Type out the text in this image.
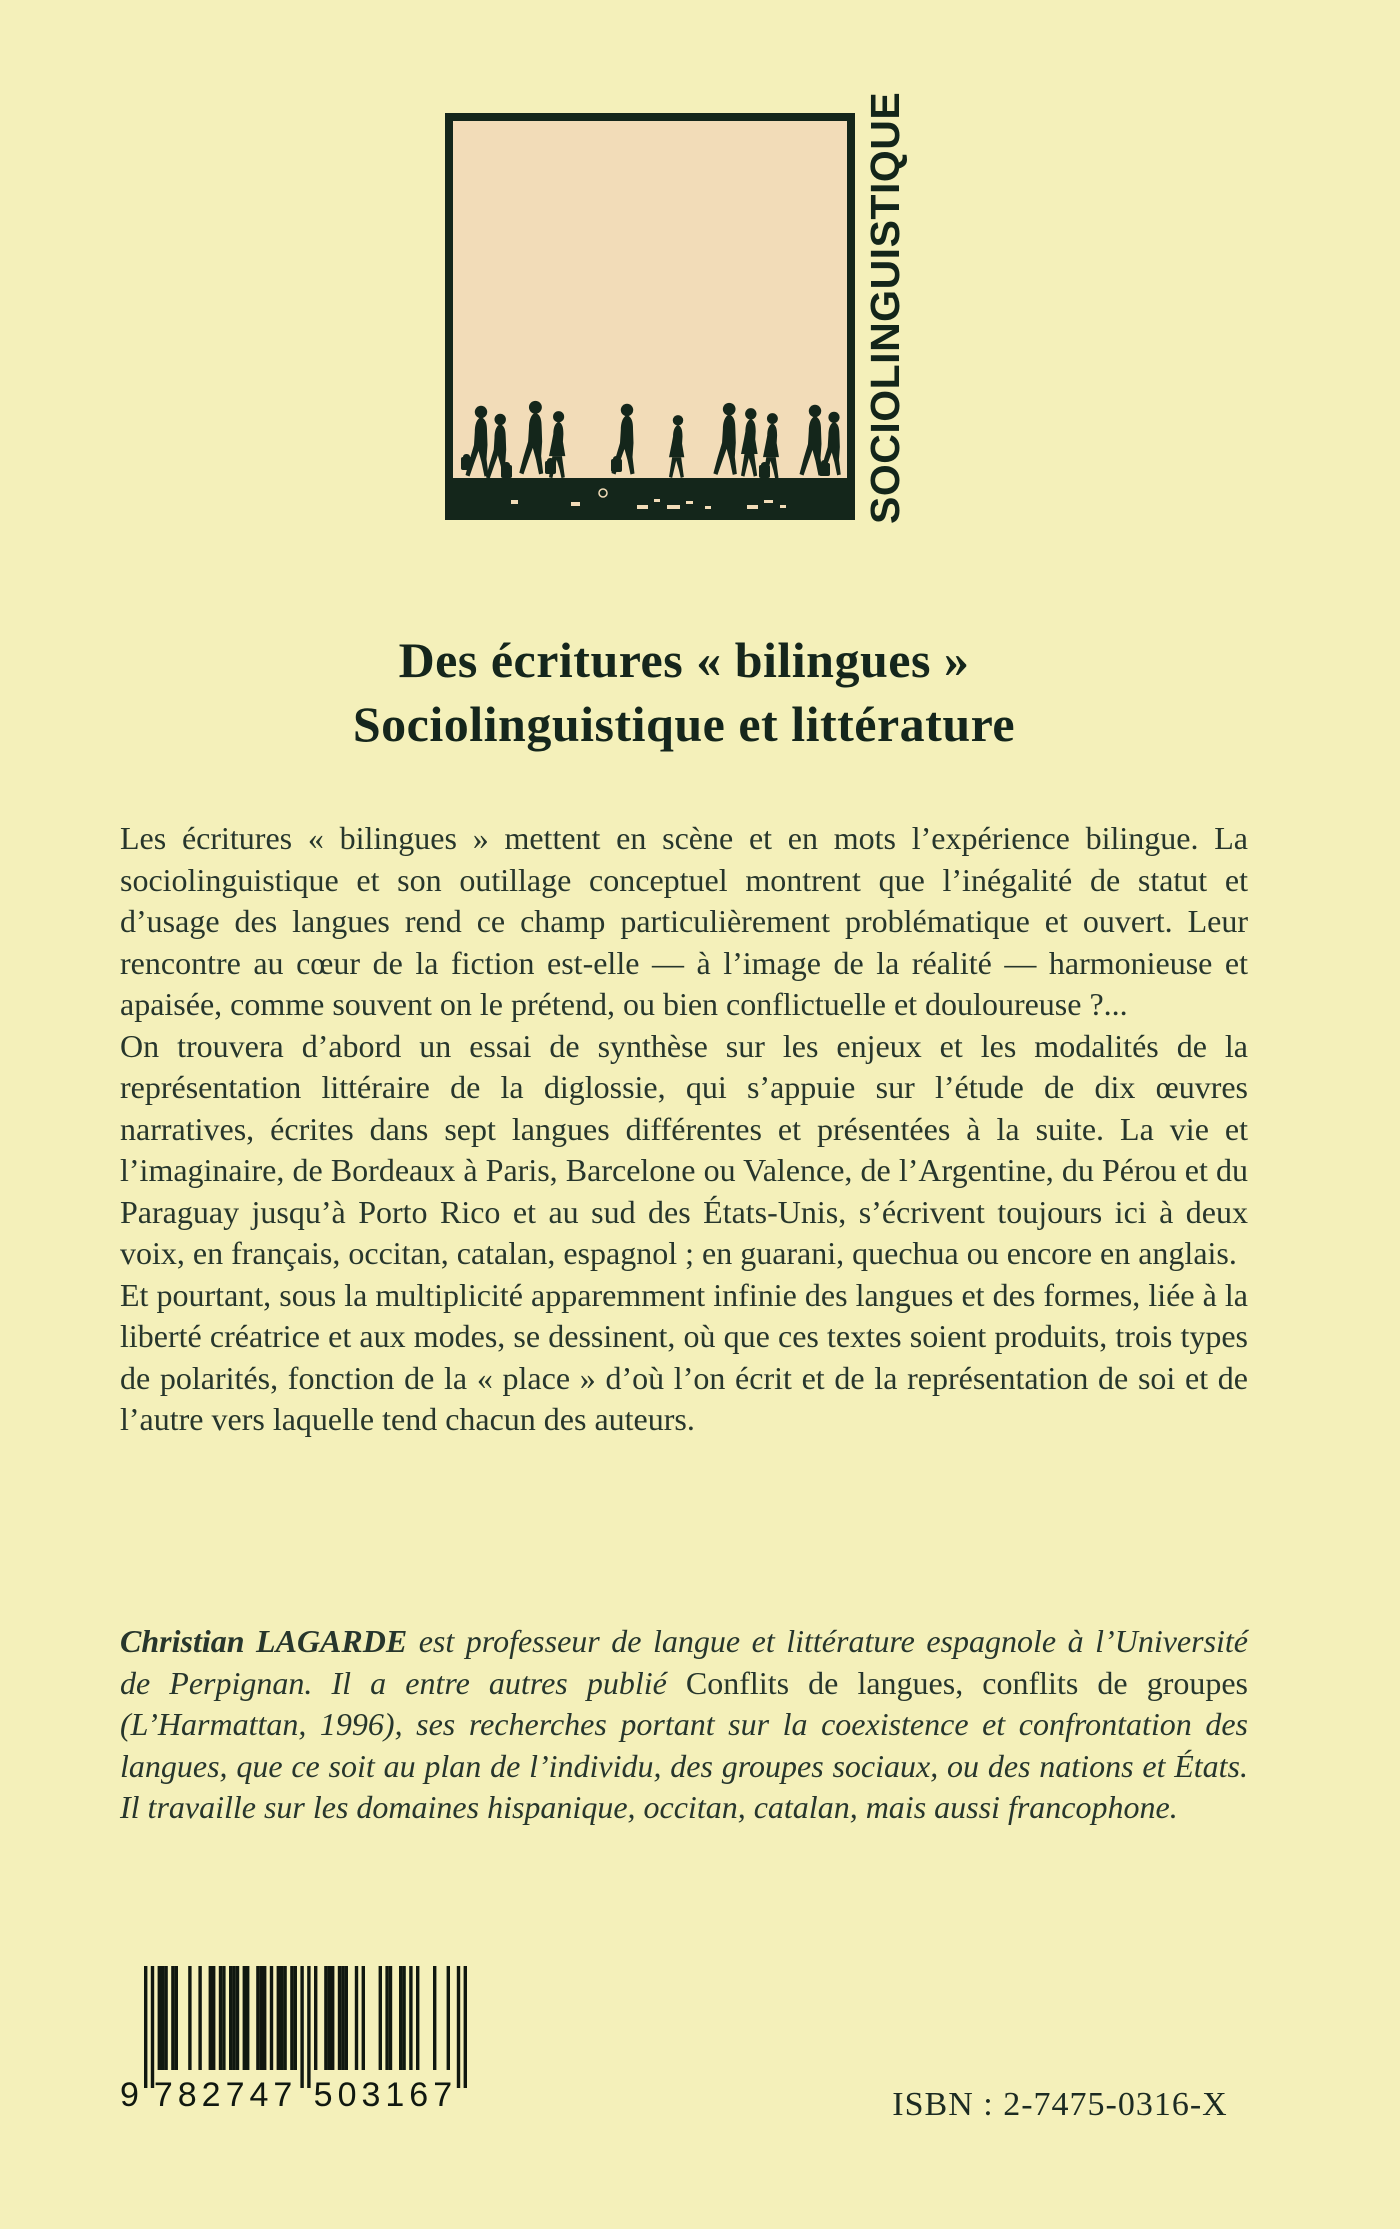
SOCIOLINGUISTIQUE
Des écritures « bilingues »
Sociolinguistique et littérature

Les écritures « bilingues » mettent en scène et en mots l’expérience bilingue. La sociolinguistique et son outillage conceptuel montrent que l’inégalité de statut et d’usage des langues rend ce champ particulièrement problématique et ouvert. Leur rencontre au cœur de la fiction est-elle — à l’image de la réalité — harmonieuse et apaisée, comme souvent on le prétend, ou bien conflictuelle et douloureuse ?...

On trouvera d’abord un essai de synthèse sur les enjeux et les modalités de la représentation littéraire de la diglossie, qui s’appuie sur l’étude de dix œuvres narratives, écrites dans sept langues différentes et présentées à la suite. La vie et l’imaginaire, de Bordeaux à Paris, Barcelone ou Valence, de l’Argentine, du Pérou et du Paraguay jusqu’à Porto Rico et au sud des États-Unis, s’écrivent toujours ici à deux voix, en français, occitan, catalan, espagnol ; en guarani, quechua ou encore en anglais.

Et pourtant, sous la multiplicité apparemment infinie des langues et des formes, liée à la liberté créatrice et aux modes, se dessinent, où que ces textes soient produits, trois types de polarités, fonction de la « place » d’où l’on écrit et de la représentation de soi et de l’autre vers laquelle tend chacun des auteurs.

Christian LAGARDE est professeur de langue et littérature espagnole à l’Université de Perpignan. Il a entre autres publié Conflits de langues, conflits de groupes (L’Harmattan, 1996), ses recherches portant sur la coexistence et confrontation des langues, que ce soit au plan de l’individu, des groupes sociaux, ou des nations et États. Il travaille sur les domaines hispanique, occitan, catalan, mais aussi francophone.
9 782747 503167	ISBN : 2-7475-0316-X
